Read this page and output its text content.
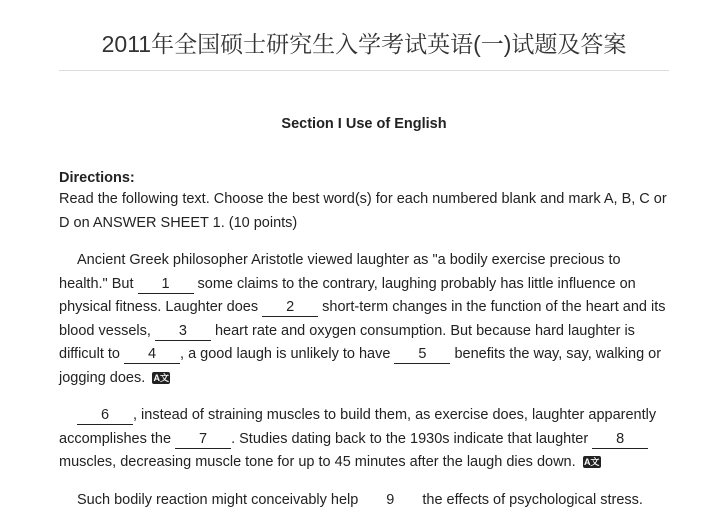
2011年全国硕士研究生入学考试英语(一)试题及答案
Section I Use of English
Directions:
Read the following text. Choose the best word(s) for each numbered blank and mark A, B, C or D on ANSWER SHEET 1. (10 points)

Ancient Greek philosopher Aristotle viewed laughter as "a bodily exercise precious to health." But 1 some claims to the contrary, laughing probably has little influence on physical fitness. Laughter does 2 short-term changes in the function of the heart and its blood vessels, 3 heart rate and oxygen consumption. But because hard laughter is difficult to 4 , a good laugh is unlikely to have 5 benefits the way, say, walking or jogging does. A文

6 , instead of straining muscles to build them, as exercise does, laughter apparently accomplishes the 7 . Studies dating back to the 1930s indicate that laughter 8 muscles, decreasing muscle tone for up to 45 minutes after the laugh dies down. A文

Such bodily reaction might conceivably help 9 the effects of psychological stress.
